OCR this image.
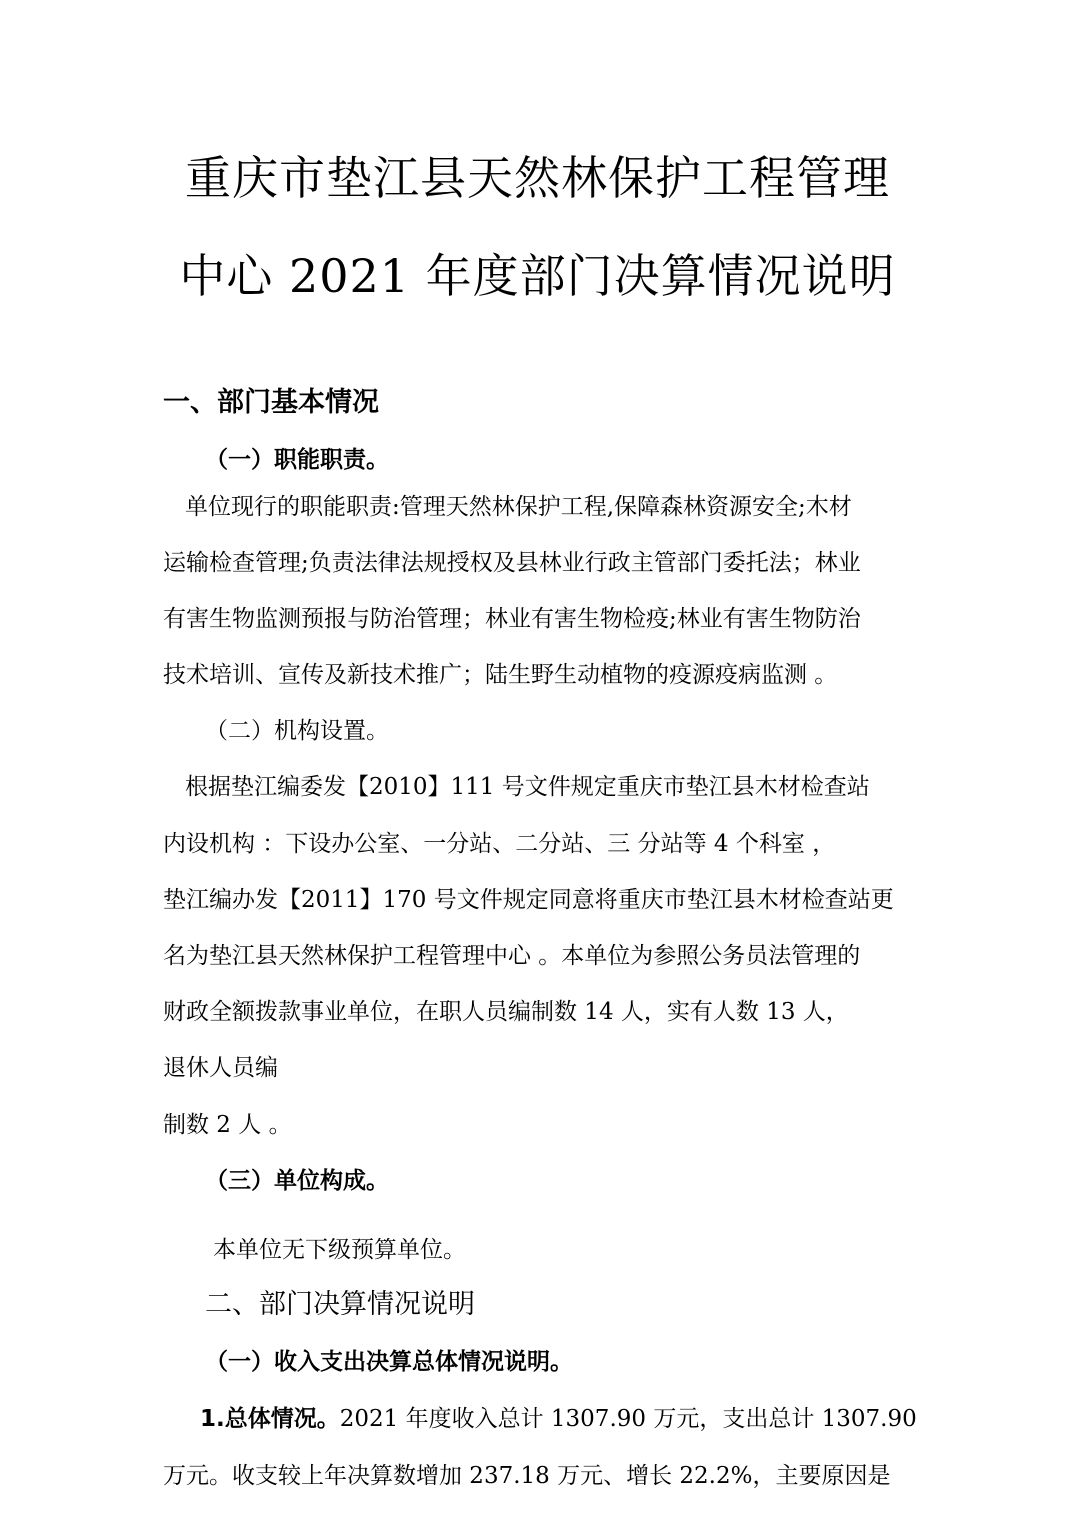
重庆市垫江县天然林保护工程管理
中心 2021 年度部门决算情况说明
一、部门基本情况
（一）职能职责。
单位现行的职能职责:管理天然林保护工程,保障森林资源安全;木材
运输检查管理;负责法律法规授权及县林业行政主管部门委托法；林业
有害生物监测预报与防治管理；林业有害生物检疫;林业有害生物防治
技术培训、宣传及新技术推广；陆生野生动植物的疫源疫病监测 。
（二）机构设置。
根据垫江编委发【2010】111 号文件规定重庆市垫江县木材检查站
内设机构 ：下设办公室、一分站、二分站、三 分站等 4 个科室 ，
垫江编办发【2011】170 号文件规定同意将重庆市垫江县木材检查站更
名为垫江县天然林保护工程管理中心 。本单位为参照公务员法管理的
财政全额拨款事业单位，在职人员编制数 14 人，实有人数 13 人，
退休人员编
制数 2 人 。
（三）单位构成。
本单位无下级预算单位。
二、部门决算情况说明
（一）收入支出决算总体情况说明。
1.总体情况。2021 年度收入总计 1307.90 万元，支出总计 1307.90
万元。收支较上年决算数增加 237.18 万元、增长 22.2%，主要原因是
